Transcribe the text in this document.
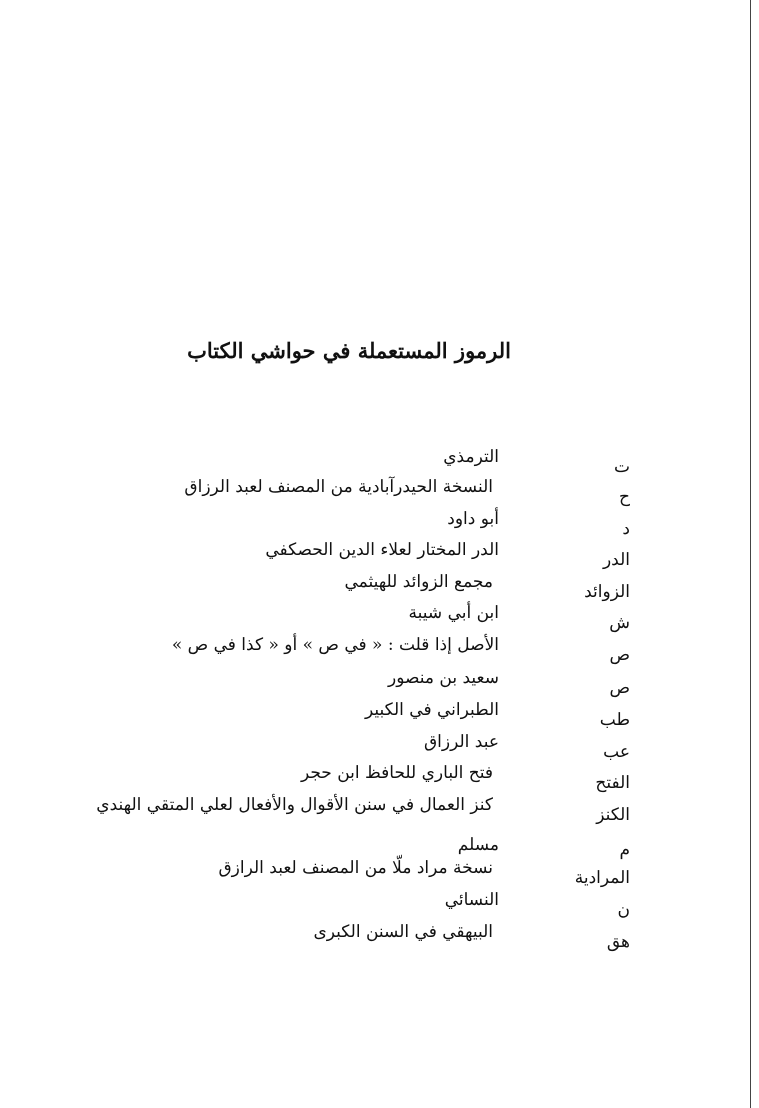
الرموز المستعملة في حواشي الكتاب
ت
الترمذي
ح
النسخة الحيدرآبادية من المصنف لعبد الرزاق
د
أبو داود
الدر
الدر المختار لعلاء الدين الحصكفي
الزوائد
مجمع الزوائد للهيثمي
ش
ابن أبي شيبة
ص
الأصل إذا قلت : « في ص » أو « كذا في ص »
ص
سعيد بن منصور
طب
الطبراني في الكبير
عب
عبد الرزاق
الفتح
فتح الباري للحافظ ابن حجر
الكنز
كنز العمال في سنن الأقوال والأفعال لعلي المتقي الهندي
م
مسلم
المرادية
نسخة مراد ملّا من المصنف لعبد الرازق
ن
النسائي
هق
البيهقي في السنن الكبرى
